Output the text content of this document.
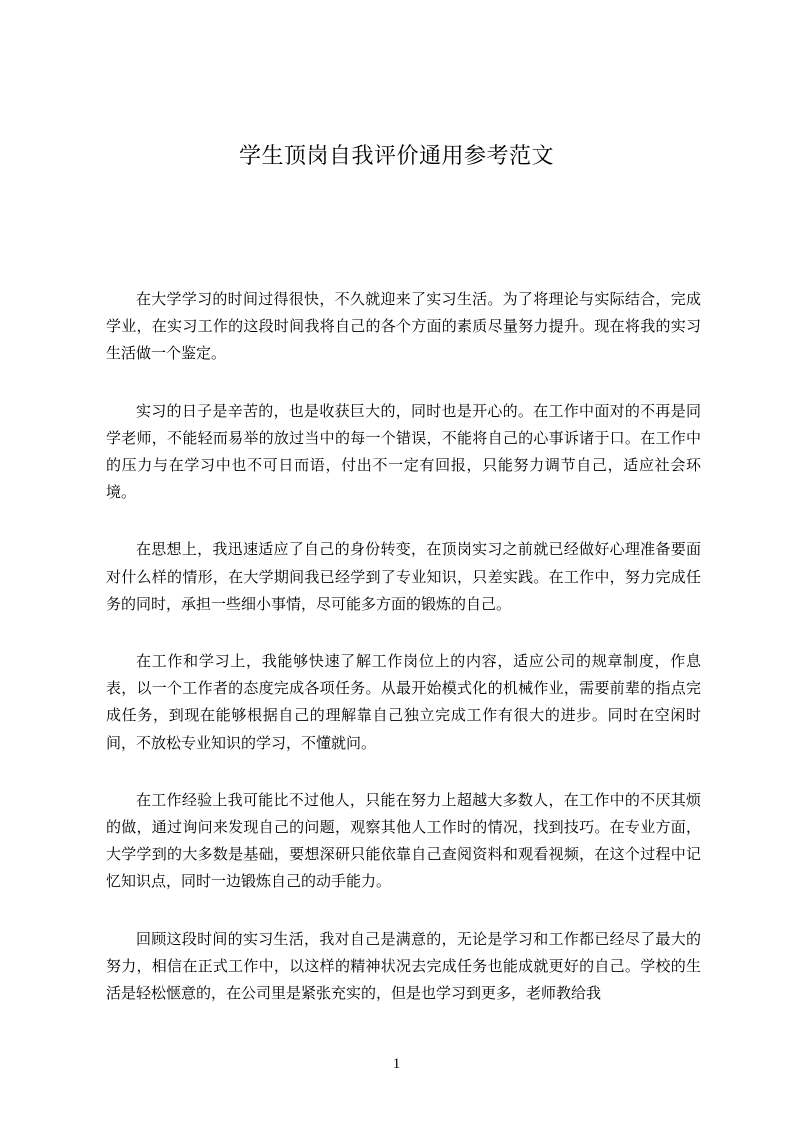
学生顶岗自我评价通用参考范文

在大学学习的时间过得很快，不久就迎来了实习生活。为了将理论与实际结合，完成学业，在实习工作的这段时间我将自己的各个方面的素质尽量努力提升。现在将我的实习生活做一个鉴定。

实习的日子是辛苦的，也是收获巨大的，同时也是开心的。在工作中面对的不再是同学老师，不能轻而易举的放过当中的每一个错误，不能将自己的心事诉诸于口。在工作中的压力与在学习中也不可日而语，付出不一定有回报，只能努力调节自己，适应社会环境。

在思想上，我迅速适应了自己的身份转变，在顶岗实习之前就已经做好心理准备要面对什么样的情形，在大学期间我已经学到了专业知识，只差实践。在工作中，努力完成任务的同时，承担一些细小事情，尽可能多方面的锻炼的自己。

在工作和学习上，我能够快速了解工作岗位上的内容，适应公司的规章制度，作息表，以一个工作者的态度完成各项任务。从最开始模式化的机械作业，需要前辈的指点完成任务，到现在能够根据自己的理解靠自己独立完成工作有很大的进步。同时在空闲时间，不放松专业知识的学习，不懂就问。

在工作经验上我可能比不过他人，只能在努力上超越大多数人，在工作中的不厌其烦的做，通过询问来发现自己的问题，观察其他人工作时的情况，找到技巧。在专业方面，大学学到的大多数是基础，要想深研只能依靠自己查阅资料和观看视频，在这个过程中记忆知识点，同时一边锻炼自己的动手能力。

回顾这段时间的实习生活，我对自己是满意的，无论是学习和工作都已经尽了最大的努力，相信在正式工作中，以这样的精神状况去完成任务也能成就更好的自己。学校的生活是轻松惬意的，在公司里是紧张充实的，但是也学习到更多，老师教给我

1
